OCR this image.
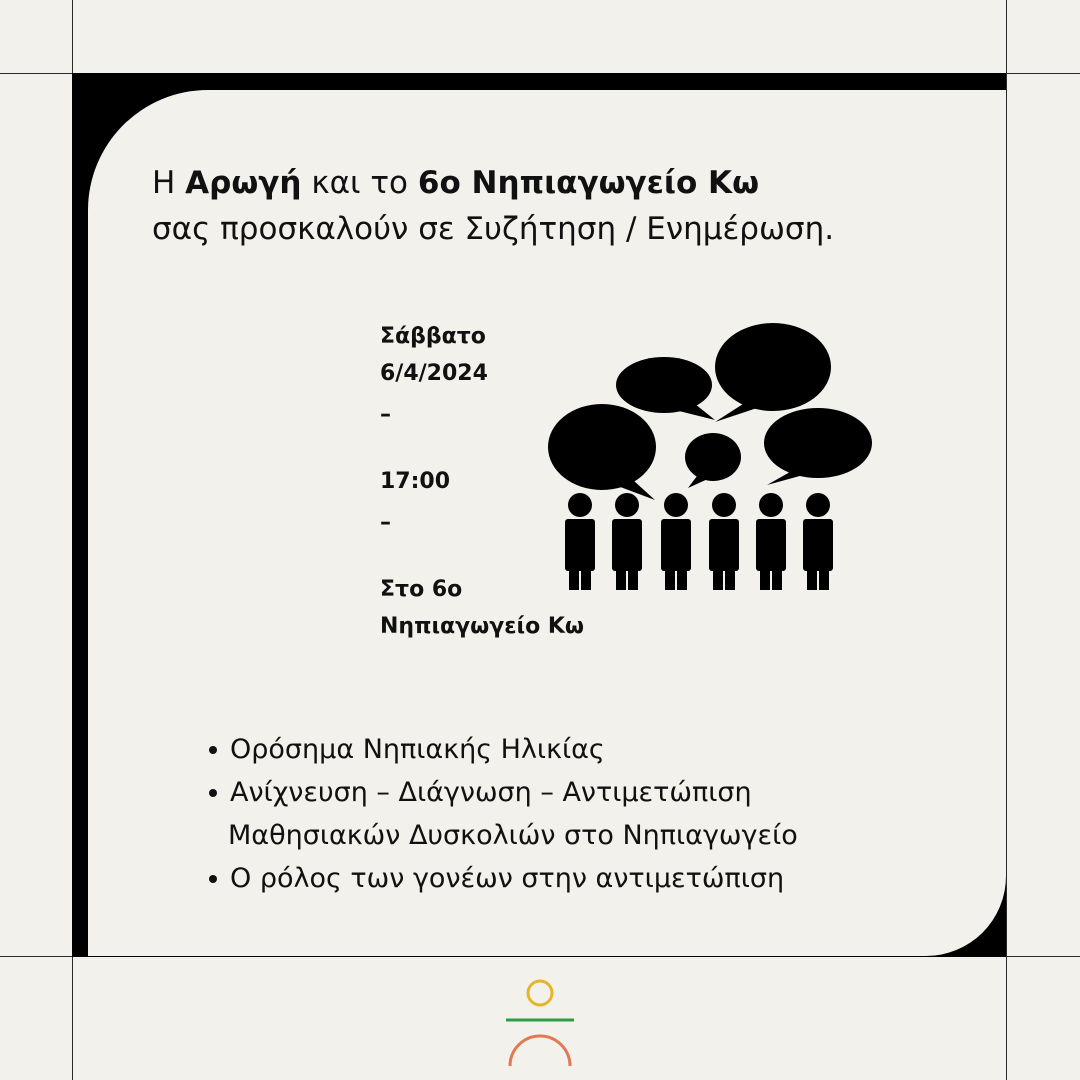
Η Αρωγή και το 6ο Νηπιαγωγείο Κω
σας προσκαλούν σε Συζήτηση / Ενημέρωση.

Σάββατο
6/4/2024
–
17:00
–
Στο 6ο
Νηπιαγωγείο Κω
Ορόσημα Νηπιακής Ηλικίας
Ανίχνευση – Διάγνωση – Αντιμετώπιση
Μαθησιακών Δυσκολιών στο Νηπιαγωγείο
Ο ρόλος των γονέων στην αντιμετώπιση
